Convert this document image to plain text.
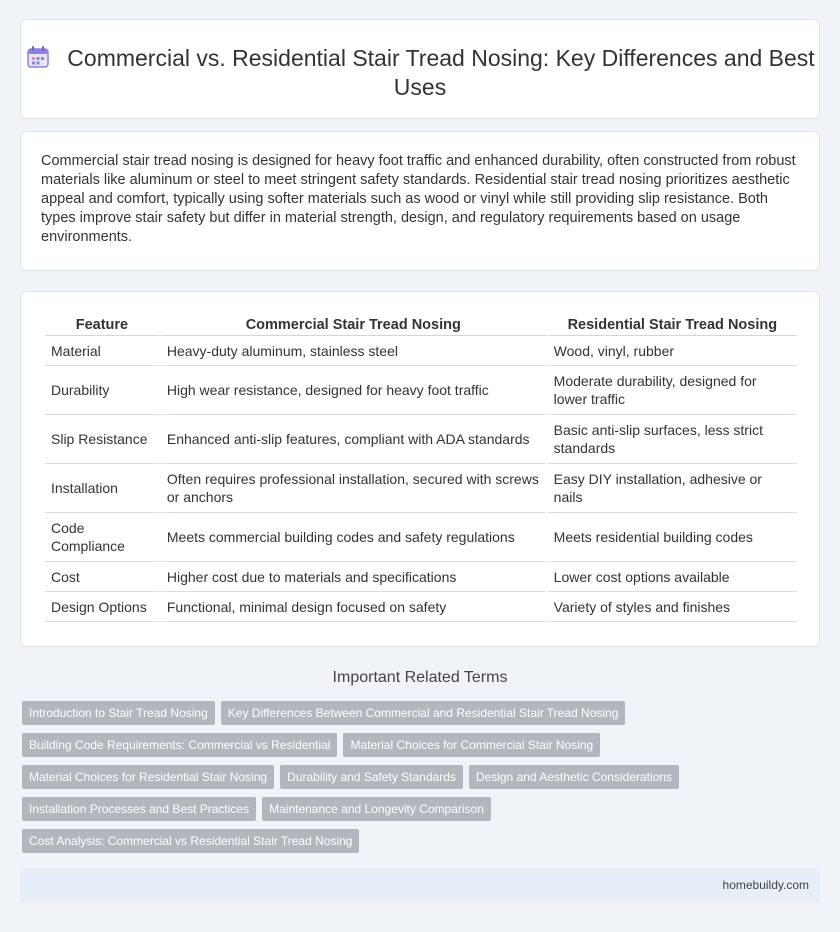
Commercial vs. Residential Stair Tread Nosing: Key Differences and Best Uses

Commercial stair tread nosing is designed for heavy foot traffic and enhanced durability, often constructed from robust materials like aluminum or steel to meet stringent safety standards. Residential stair tread nosing prioritizes aesthetic appeal and comfort, typically using softer materials such as wood or vinyl while still providing slip resistance. Both types improve stair safety but differ in material strength, design, and regulatory requirements based on usage environments.

Feature	Commercial Stair Tread Nosing	Residential Stair Tread Nosing
Material	Heavy-duty aluminum, stainless steel	Wood, vinyl, rubber
Durability	High wear resistance, designed for heavy foot traffic	Moderate durability, designed for lower traffic
Slip Resistance	Enhanced anti-slip features, compliant with ADA standards	Basic anti-slip surfaces, less strict standards
Installation	Often requires professional installation, secured with screws or anchors	Easy DIY installation, adhesive or nails
Code Compliance	Meets commercial building codes and safety regulations	Meets residential building codes
Cost	Higher cost due to materials and specifications	Lower cost options available
Design Options	Functional, minimal design focused on safety	Variety of styles and finishes
Important Related Terms
Introduction to Stair Tread Nosing	Key Differences Between Commercial and Residential Stair Tread Nosing
Building Code Requirements: Commercial vs Residential	Material Choices for Commercial Stair Nosing
Material Choices for Residential Stair Nosing	Durability and Safety Standards	Design and Aesthetic Considerations
Installation Processes and Best Practices	Maintenance and Longevity Comparison
Cost Analysis: Commercial vs Residential Stair Tread Nosing
homebuildy.com
